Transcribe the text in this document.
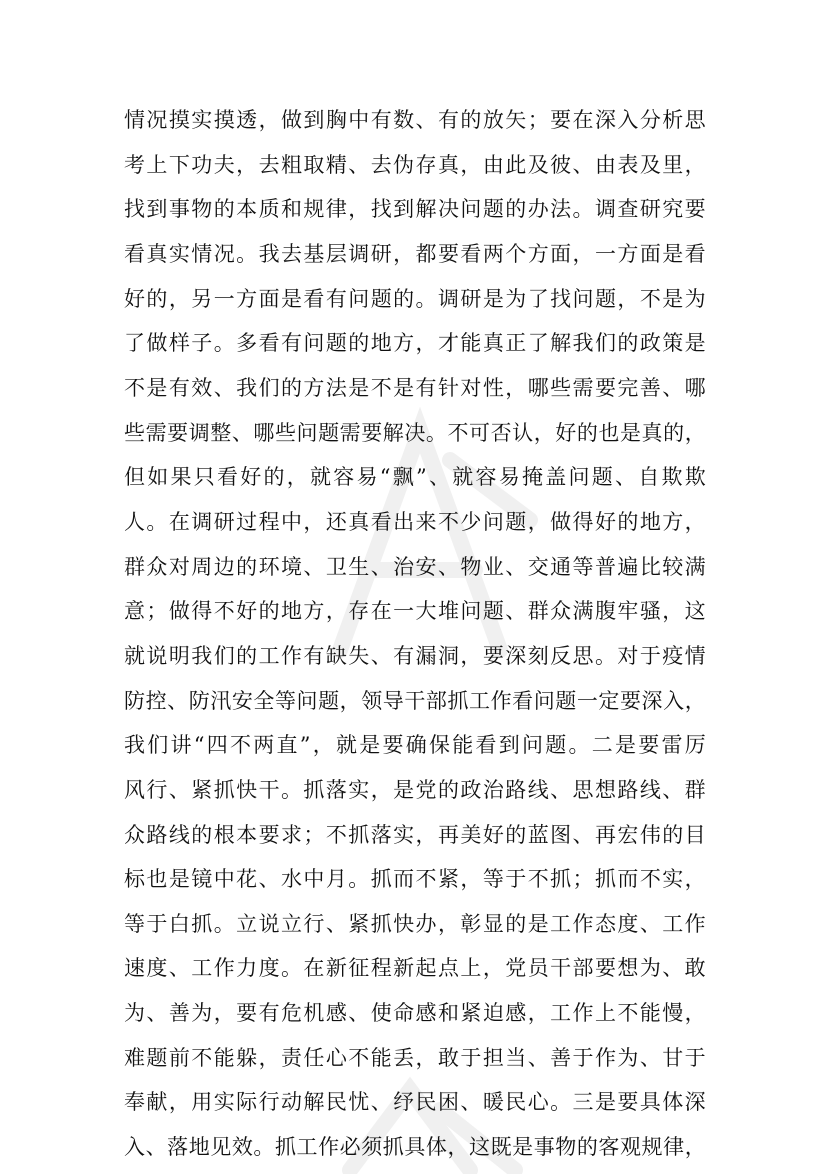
情况摸实摸透，做到胸中有数、有的放矢；要在深入分析思
考上下功夫，去粗取精、去伪存真，由此及彼、由表及里，
找到事物的本质和规律，找到解决问题的办法。调查研究要
看真实情况。我去基层调研，都要看两个方面，一方面是看
好的，另一方面是看有问题的。调研是为了找问题，不是为
了做样子。多看有问题的地方，才能真正了解我们的政策是
不是有效、我们的方法是不是有针对性，哪些需要完善、哪
些需要调整、哪些问题需要解决。不可否认，好的也是真的，
但如果只看好的，就容易“飘”、就容易掩盖问题、自欺欺
人。在调研过程中，还真看出来不少问题，做得好的地方，
群众对周边的环境、卫生、治安、物业、交通等普遍比较满
意；做得不好的地方，存在一大堆问题、群众满腹牢骚，这
就说明我们的工作有缺失、有漏洞，要深刻反思。对于疫情
防控、防汛安全等问题，领导干部抓工作看问题一定要深入，
我们讲“四不两直”，就是要确保能看到问题。二是要雷厉
风行、紧抓快干。抓落实，是党的政治路线、思想路线、群
众路线的根本要求；不抓落实，再美好的蓝图、再宏伟的目
标也是镜中花、水中月。抓而不紧，等于不抓；抓而不实，
等于白抓。立说立行、紧抓快办，彰显的是工作态度、工作
速度、工作力度。在新征程新起点上，党员干部要想为、敢
为、善为，要有危机感、使命感和紧迫感，工作上不能慢，
难题前不能躲，责任心不能丢，敢于担当、善于作为、甘于
奉献，用实际行动解民忧、纾民困、暖民心。三是要具体深
入、落地见效。抓工作必须抓具体，这既是事物的客观规律，
